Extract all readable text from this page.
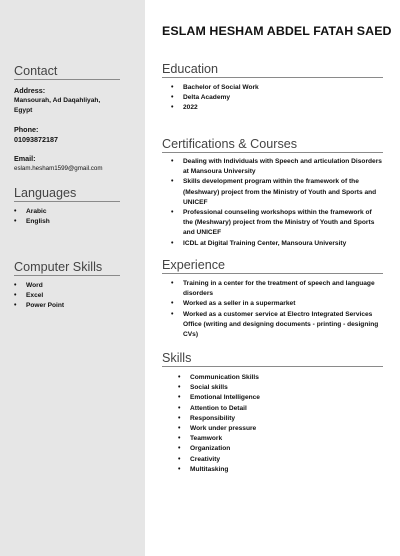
ESLAM HESHAM ABDEL FATAH SAED
Contact
Address:
Mansourah, Ad Daqahliyah,
Egypt
Phone:
01093872187
Email:
eslam.hesham1599@gmail.com
Languages
• Arabic
• English
Computer Skills
• Word
• Excel
• Power Point
Education
• Bachelor of Social Work
• Delta Academy
• 2022
Certifications & Courses
• Dealing with Individuals with Speech and articulation Disorders at Mansoura University
• Skills development program within the framework of the (Meshwary) project from the Ministry of Youth and Sports and UNICEF
• Professional counseling workshops within the framework of the (Meshwary) project from the Ministry of Youth and Sports and UNICEF
• ICDL at Digital Training Center, Mansoura University
Experience
• Training in a center for the treatment of speech and language disorders
• Worked as a seller in a supermarket
• Worked as a customer service at Electro Integrated Services Office (writing and designing documents - printing - designing CVs)
Skills
• Communication Skills
• Social skills
• Emotional Intelligence
• Attention to Detail
• Responsibility
• Work under pressure
• Teamwork
• Organization
• Creativity
• Multitasking
